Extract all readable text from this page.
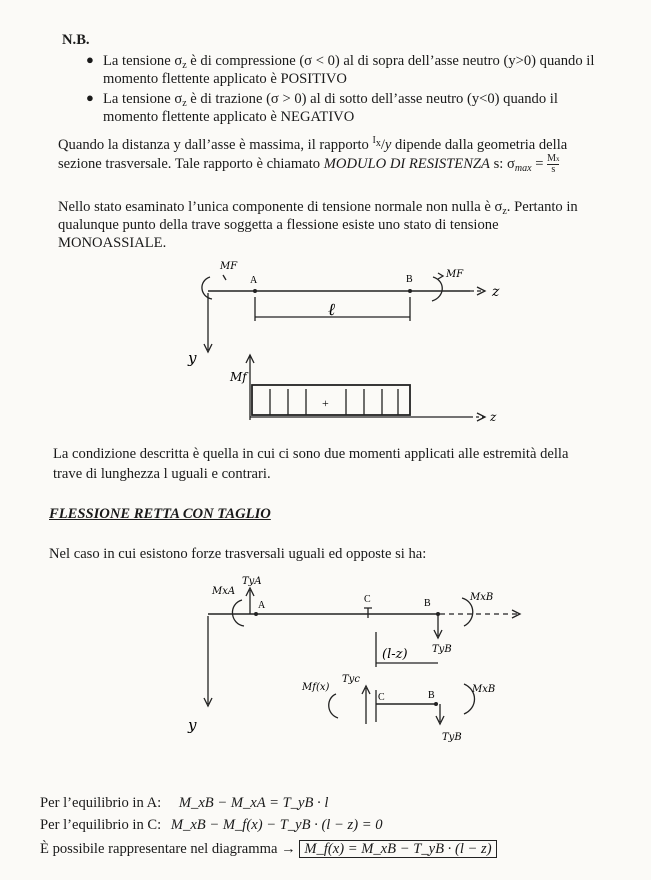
N.B.
● La tensione $\sigma_z$ è di compressione (σ < 0) al di sopra dell’asse neutro (y>0) quando il
momento flettente applicato è POSITIVO
● La tensione $\sigma_z$ è di trazione (σ > 0) al di sotto dell’asse neutro (y<0) quando il
momento flettente applicato è NEGATIVO
Quando la distanza y dall’asse è massima, il rapporto $^{Ix}$/y dipende dalla geometria della
sezione trasversale. Tale rapporto è chiamato MODULO DI RESISTENZA s: $\sigma_{max} = \frac{Mx}{s}$
Nello stato esaminato l’unica componente di tensione normale non nulla è $\sigma_z$. Pertanto in
qualunque punto della trave soggetta a flessione esiste uno stato di tensione
MONOASSIALE.
MF
A	B	MF
z
ℓ
y
Mf
+
z
La condizione descritta è quella in cui ci sono due momenti applicati alle estremità della
trave di lunghezza l uguali e contrari.
FLESSIONE RETTA CON TAGLIO
Nel caso in cui esistono forze trasversali uguali ed opposte si ha:
MxA
TyA
A
C	B
MxB
TyB
(l-z)
Mf(x)
Tyc
C	B
MxB
TyB
y
Per l’equilibrio in A: M_xB − M_xA = T_yB · l
Per l’equilibrio in C: M_xB − M_f(x) − T_yB · (l − z) = 0
È possibile rappresentare nel diagramma → M_f(x) = M_xB − T_yB · (l − z)
